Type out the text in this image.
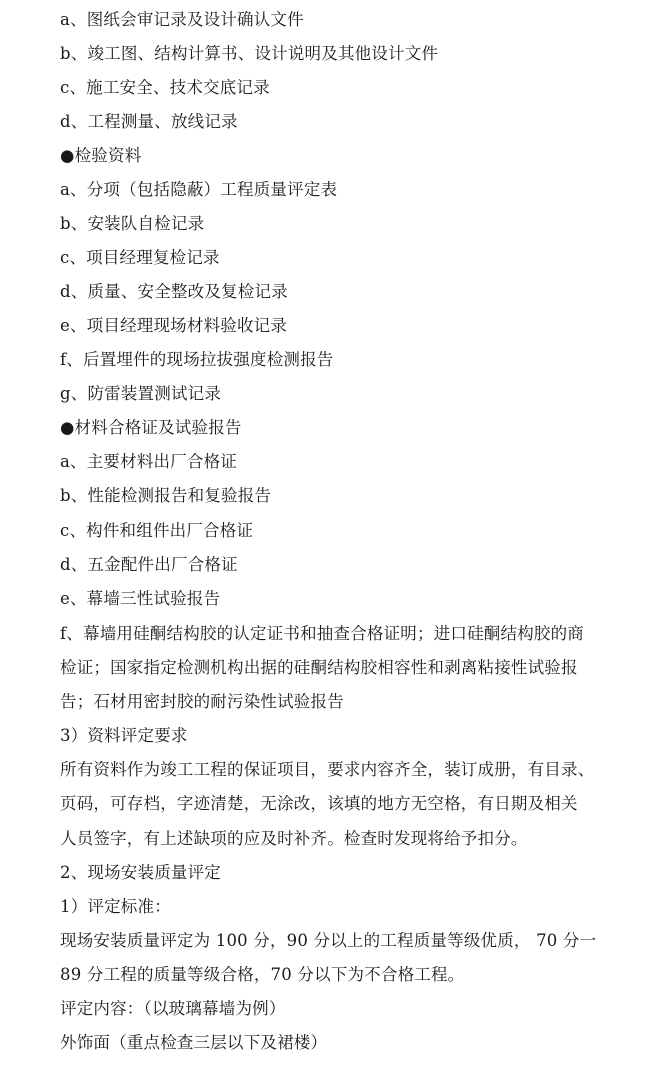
a、图纸会审记录及设计确认文件
b、竣工图、结构计算书、设计说明及其他设计文件
c、施工安全、技术交底记录
d、工程测量、放线记录
●检验资料
a、分项（包括隐蔽）工程质量评定表
b、安装队自检记录
c、项目经理复检记录
d、质量、安全整改及复检记录
e、项目经理现场材料验收记录
f、后置埋件的现场拉拔强度检测报告
g、防雷装置测试记录
●材料合格证及试验报告
a、主要材料出厂合格证
b、性能检测报告和复验报告
c、构件和组件出厂合格证
d、五金配件出厂合格证
e、幕墙三性试验报告
f、幕墙用硅酮结构胶的认定证书和抽查合格证明；进口硅酮结构胶的商
检证；国家指定检测机构出据的硅酮结构胶相容性和剥离粘接性试验报
告；石材用密封胶的耐污染性试验报告
3）资料评定要求
所有资料作为竣工工程的保证项目，要求内容齐全，装订成册，有目录、
页码，可存档，字迹清楚，无涂改，该填的地方无空格，有日期及相关
人员签字，有上述缺项的应及时补齐。检查时发现将给予扣分。
2、现场安装质量评定
1）评定标准：
现场安装质量评定为 100 分，90 分以上的工程质量等级优质， 70 分一
89 分工程的质量等级合格，70 分以下为不合格工程。
评定内容：（以玻璃幕墙为例）
外饰面（重点检查三层以下及裙楼）
